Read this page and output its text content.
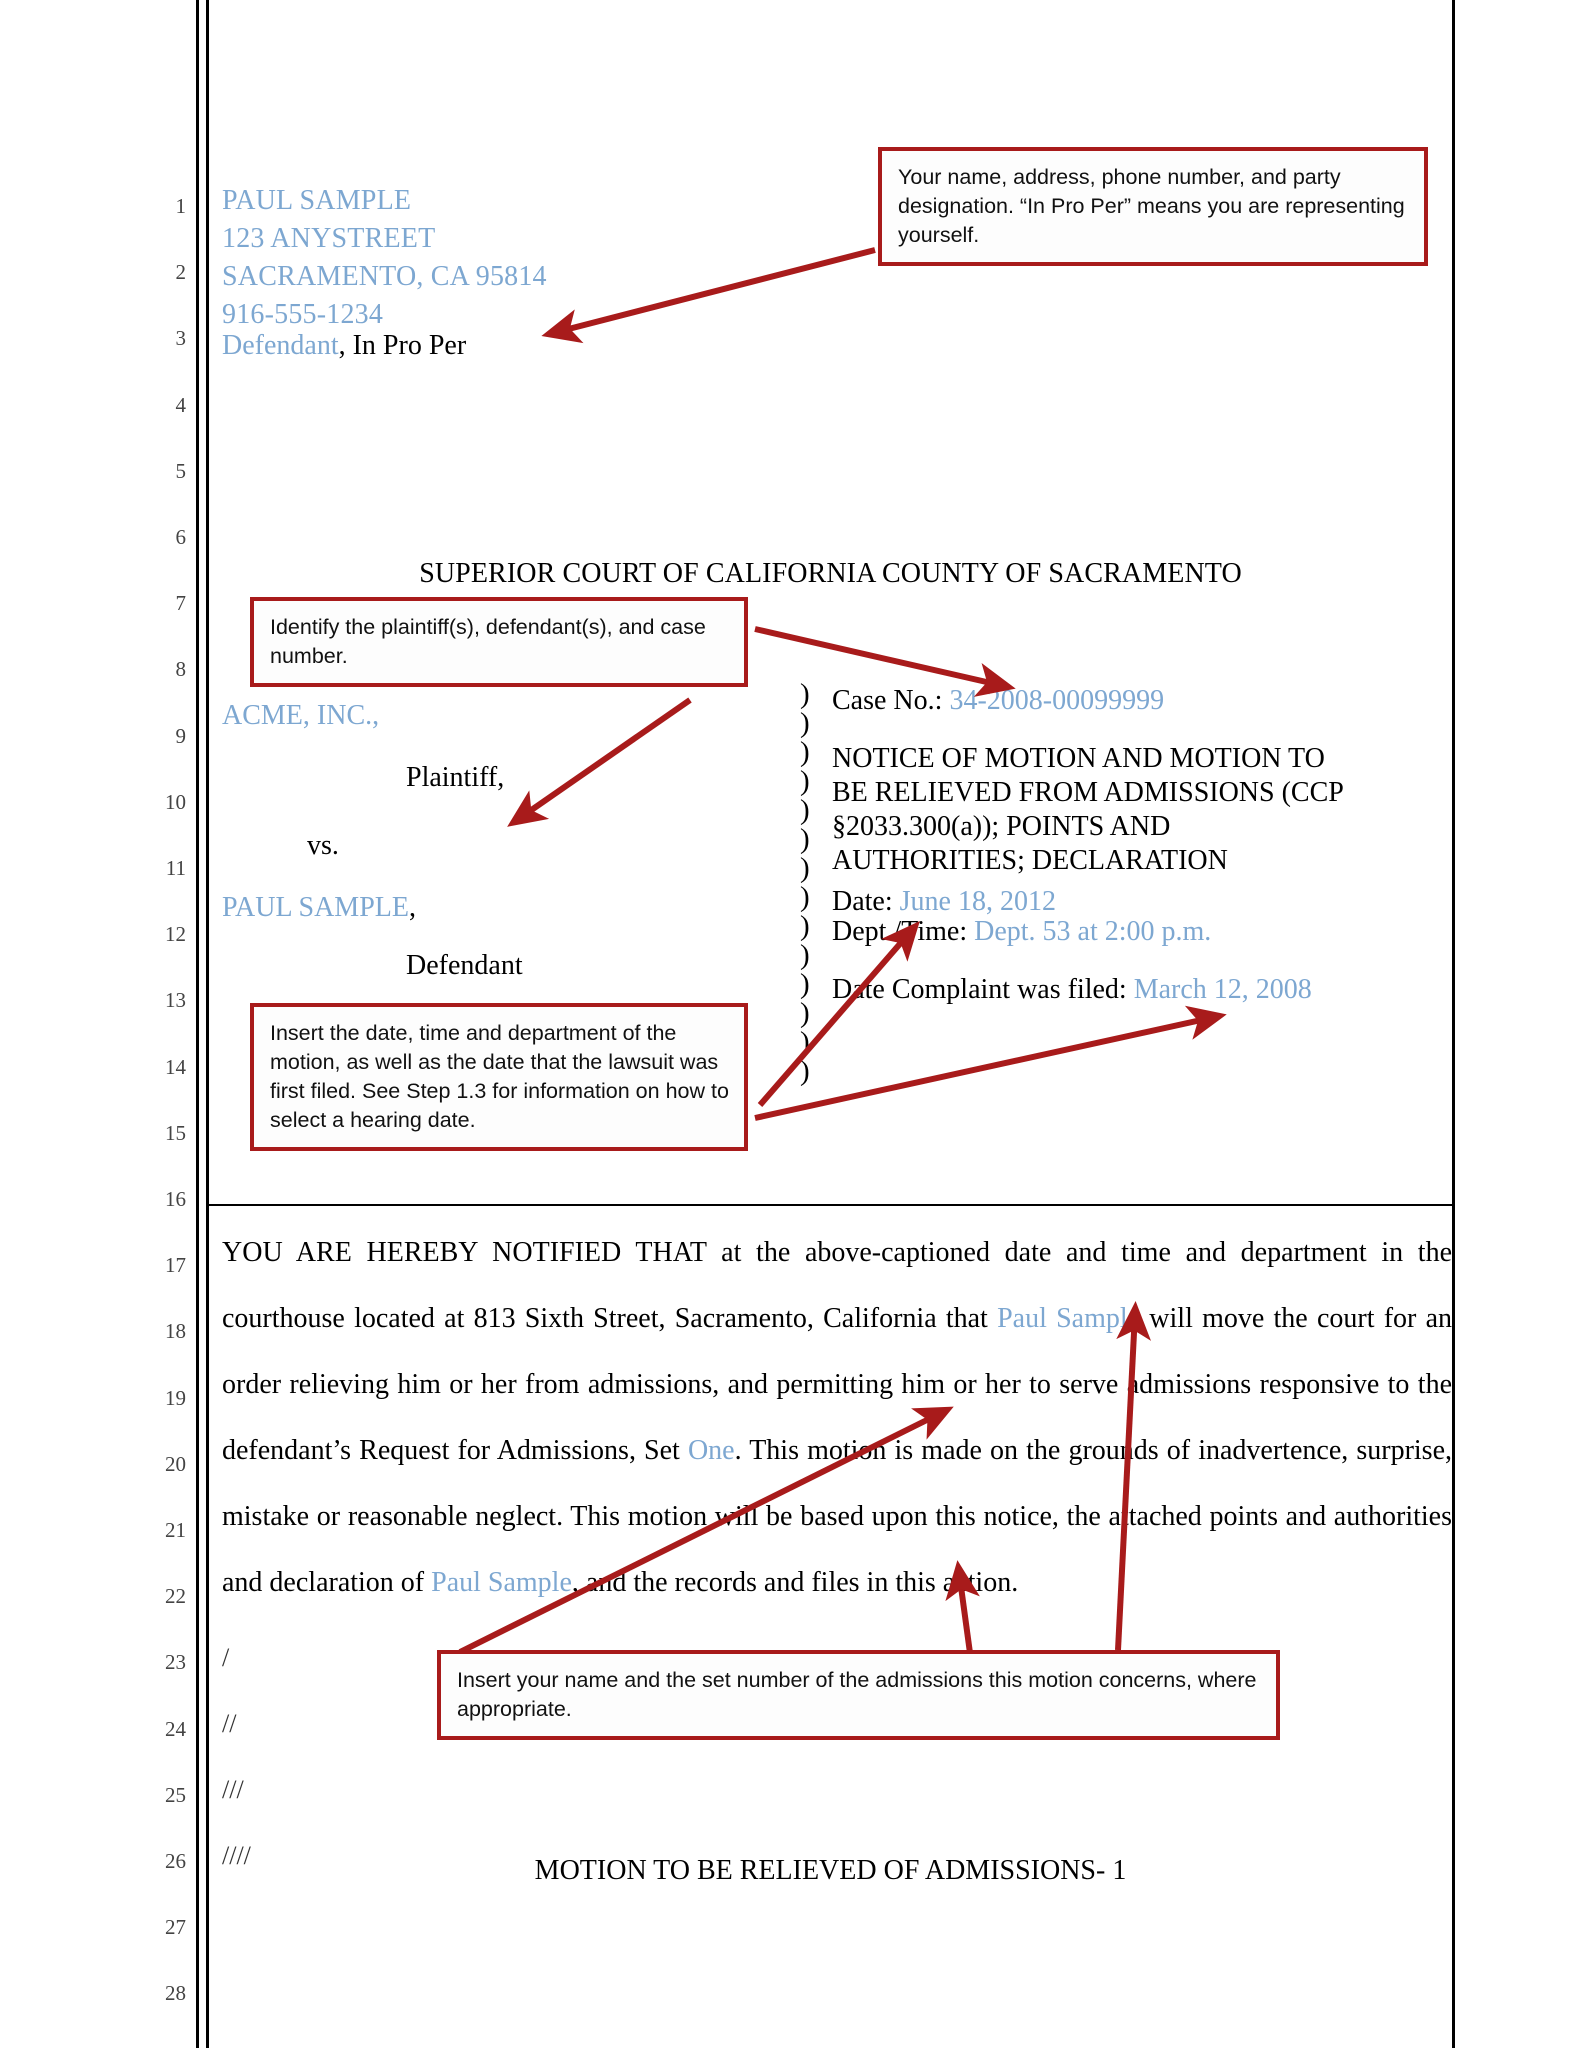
1
2
3
4
5
6
7
8
9
10
11
12
13
14
15
16
17
18
19
20
21
22
23
24
25
26
27
28
PAUL SAMPLE
123 ANYSTREET
SACRAMENTO, CA 95814
916-555-1234
Defendant, In Pro Per
SUPERIOR COURT OF CALIFORNIA COUNTY OF SACRAMENTO
ACME, INC.,
Plaintiff,
vs.
PAUL SAMPLE,
Defendant
)
)
)
)
)
)
)
)
)
)
)
)
)
)
Case No.: 34-2008-00099999
NOTICE OF MOTION AND MOTION TO
BE RELIEVED FROM ADMISSIONS (CCP
§2033.300(a)); POINTS AND
AUTHORITIES; DECLARATION
Date: June 18, 2012
Dept./Time: Dept. 53 at 2:00 p.m.
Date Complaint was filed: March 12, 2008
YOU ARE HEREBY NOTIFIED THAT at the above-captioned date and time and department in the courthouse located at 813 Sixth Street, Sacramento, California that Paul Sample will move the court for an order relieving him or her from admissions, and permitting him or her to serve admissions responsive to the defendant’s Request for Admissions, Set One. This motion is made on the grounds of inadvertence, surprise, mistake or reasonable neglect. This motion will be based upon this notice, the attached points and authorities and declaration of Paul Sample, and the records and files in this action.
/
//
///
////	MOTION TO BE RELIEVED OF ADMISSIONS- 1
Your name, address, phone number, and party designation. “In Pro Per” means you are representing yourself.
Identify the plaintiff(s), defendant(s), and case number.
Insert the date, time and department of the motion, as well as the date that the lawsuit was first filed. See Step 1.3 for information on how to select a hearing date.
Insert your name and the set number of the admissions this motion concerns, where appropriate.
